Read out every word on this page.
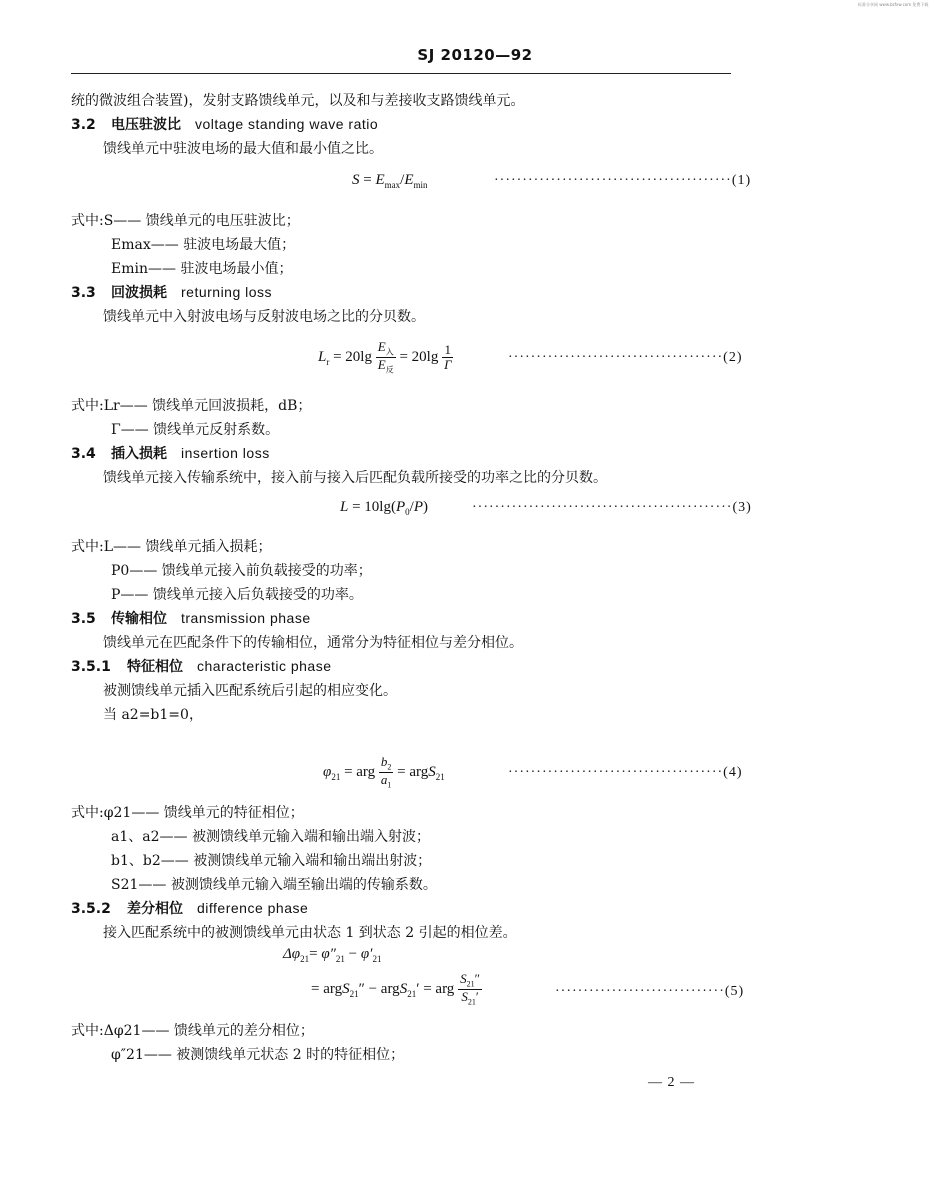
标准分享网 www.bzfxw.com 免费下载
SJ 20120—92
统的微波组合装置)，发射支路馈线单元，以及和与差接收支路馈线单元。
3.2 电压驻波比 voltage standing wave ratio
馈线单元中驻波电场的最大值和最小值之比。
$S = E_{max}/E_{min}$	··········································(1)
式中:S—— 馈线单元的电压驻波比；
Emax—— 驻波电场最大值；
Emin—— 驻波电场最小值；
3.3 回波损耗 returning loss
馈线单元中入射波电场与反射波电场之比的分贝数。
$L_r = 20\lg \frac{E_入}{E_反} = 20\lg \frac{1}{\Gamma}$	······································(2)
式中:Lr—— 馈线单元回波损耗，dB；
Γ—— 馈线单元反射系数。
3.4 插入损耗 insertion loss
馈线单元接入传输系统中，接入前与接入后匹配负载所接受的功率之比的分贝数。
$L = 10\lg(P_0/P)$	··············································(3)
式中:L—— 馈线单元插入损耗；
P0—— 馈线单元接入前负载接受的功率；
P—— 馈线单元接入后负载接受的功率。
3.5 传输相位 transmission phase
馈线单元在匹配条件下的传输相位，通常分为特征相位与差分相位。
3.5.1 特征相位 characteristic phase
被测馈线单元插入匹配系统后引起的相应变化。
当 a2=b1=0，
$\varphi_{21}$ = arg $\frac{b_2}{a_1}$ = argS$_{21}$	······································(4)
式中:φ21—— 馈线单元的特征相位；
a1、a2—— 被测馈线单元输入端和输出端入射波；
b1、b2—— 被测馈线单元输入端和输出端出射波；
S21—— 被测馈线单元输入端至输出端的传输系数。
3.5.2 差分相位 difference phase
接入匹配系统中的被测馈线单元由状态 1 到状态 2 引起的相位差。
$\Delta\varphi_{21}= \varphi''_{21} - \varphi'_{21}$
= argS$_{21}$″ − argS$_{21}$′ = arg $\frac{S_{21}''}{S_{21}'}$	······························(5)
式中:Δφ21—— 馈线单元的差分相位；
φ″21—— 被测馈线单元状态 2 时的特征相位；
— 2 —
